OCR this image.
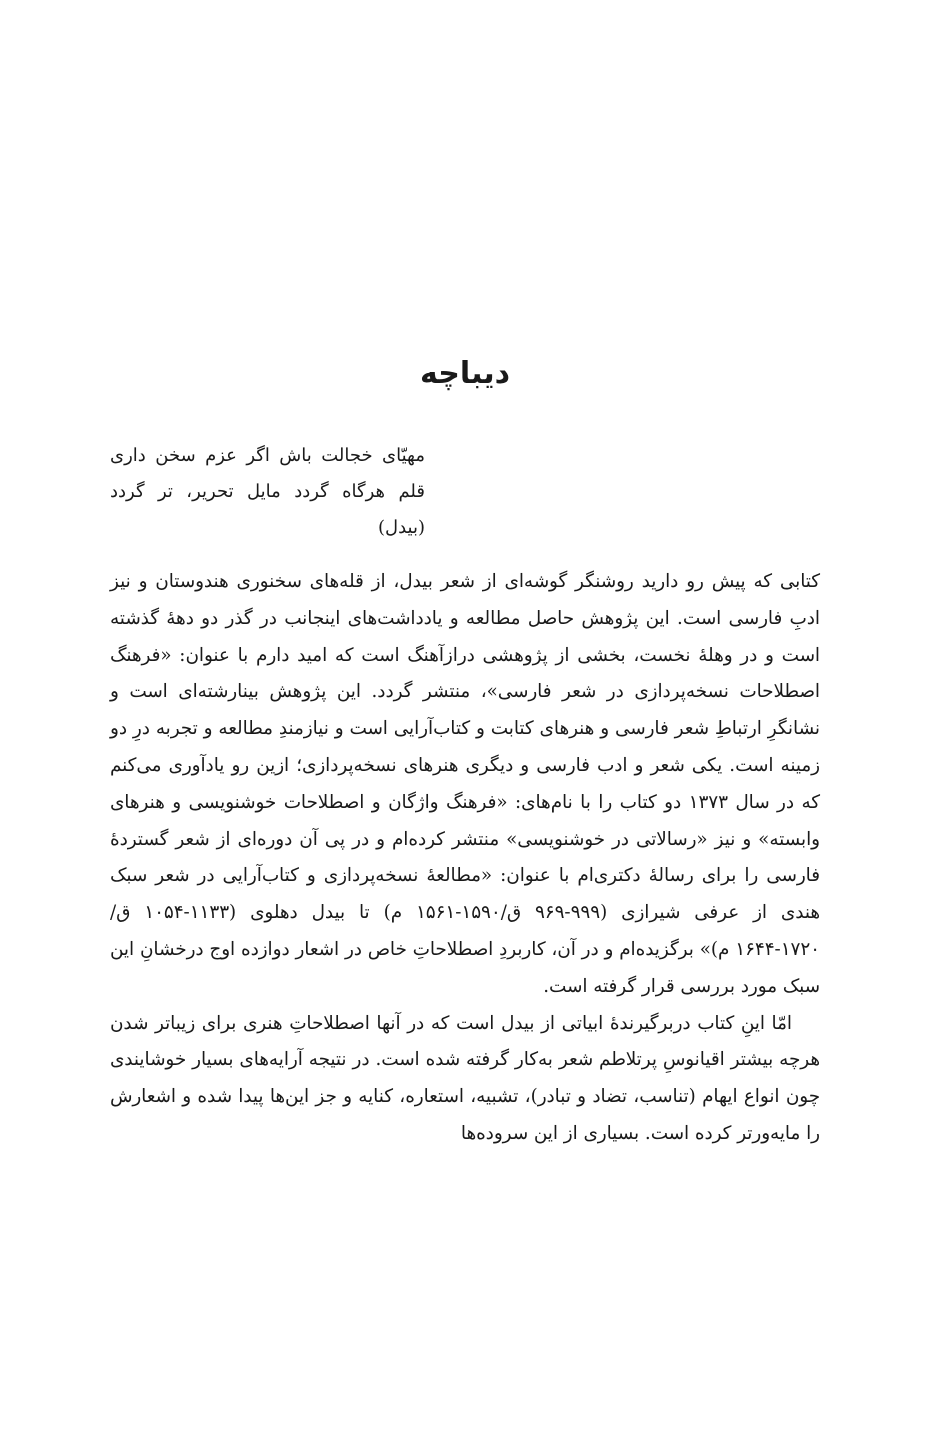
دیباچه
مهیّای خجالت باش اگر عزم سخن داری
قلم هرگاه گردد مایل تحریر، تر گردد
(بیدل)

کتابی که پیش رو دارید روشنگر گوشه‌ای از شعر بیدل، از قله‌های سخنوری هندوستان و نیز ادبِ فارسی است. این پژوهش حاصل مطالعه و یادداشت‌های اینجانب در گذر دو دهۀ گذشته است و در وهلۀ نخست، بخشی از پژوهشی درازآهنگ است که امید دارم با عنوان: «فرهنگ اصطلاحات نسخه‌پردازی در شعر فارسی»، منتشر گردد. این پژوهش بینارشته‌ای است و نشانگرِ ارتباطِ شعر فارسی و هنرهای کتابت و کتاب‌آرایی است و نیازمندِ مطالعه و تجربه درِ دو زمینه است. یکی شعر و ادب فارسی و دیگری هنرهای نسخه‌پردازی؛ ازین رو یادآوری می‌کنم که در سال ۱۳۷۳ دو کتاب را با نام‌های: «فرهنگ واژگان و اصطلاحات خوشنویسی و هنرهای وابسته» و نیز «رسالاتی در خوشنویسی» منتشر کرده‌ام و در پی آن دوره‌ای از شعر گستردۀ فارسی را برای رسالۀ دکتری‌ام با عنوان: «مطالعۀ نسخه‌پردازی و کتاب‌آرایی در شعر سبک هندی از عرفی شیرازی (۹۹۹-۹۶۹ ق/۱۵۹۰-۱۵۶۱ م) تا بیدل دهلوی (۱۱۳۳-۱۰۵۴ ق/ ۱۷۲۰-۱۶۴۴ م)» برگزیده‌ام و در آن، کاربردِ اصطلاحاتِ خاص در اشعار دوازده اوج درخشانِ این سبک مورد بررسی قرار گرفته است.

امّا اینِ کتاب دربرگیرندۀ ابیاتی از بیدل است که در آنها اصطلاحاتِ هنری برای زیباتر شدن هرچه بیشتر اقیانوسِ پرتلاطم شعر به‌کار گرفته شده است. در نتیجه آرایه‌های بسیار خوشایندی چون انواع ایهام (تناسب، تضاد و تبادر)، تشبیه، استعاره، کنایه و جز این‌ها پیدا شده و اشعارش را مایه‌ورتر کرده است. بسیاری از این سروده‌ها
